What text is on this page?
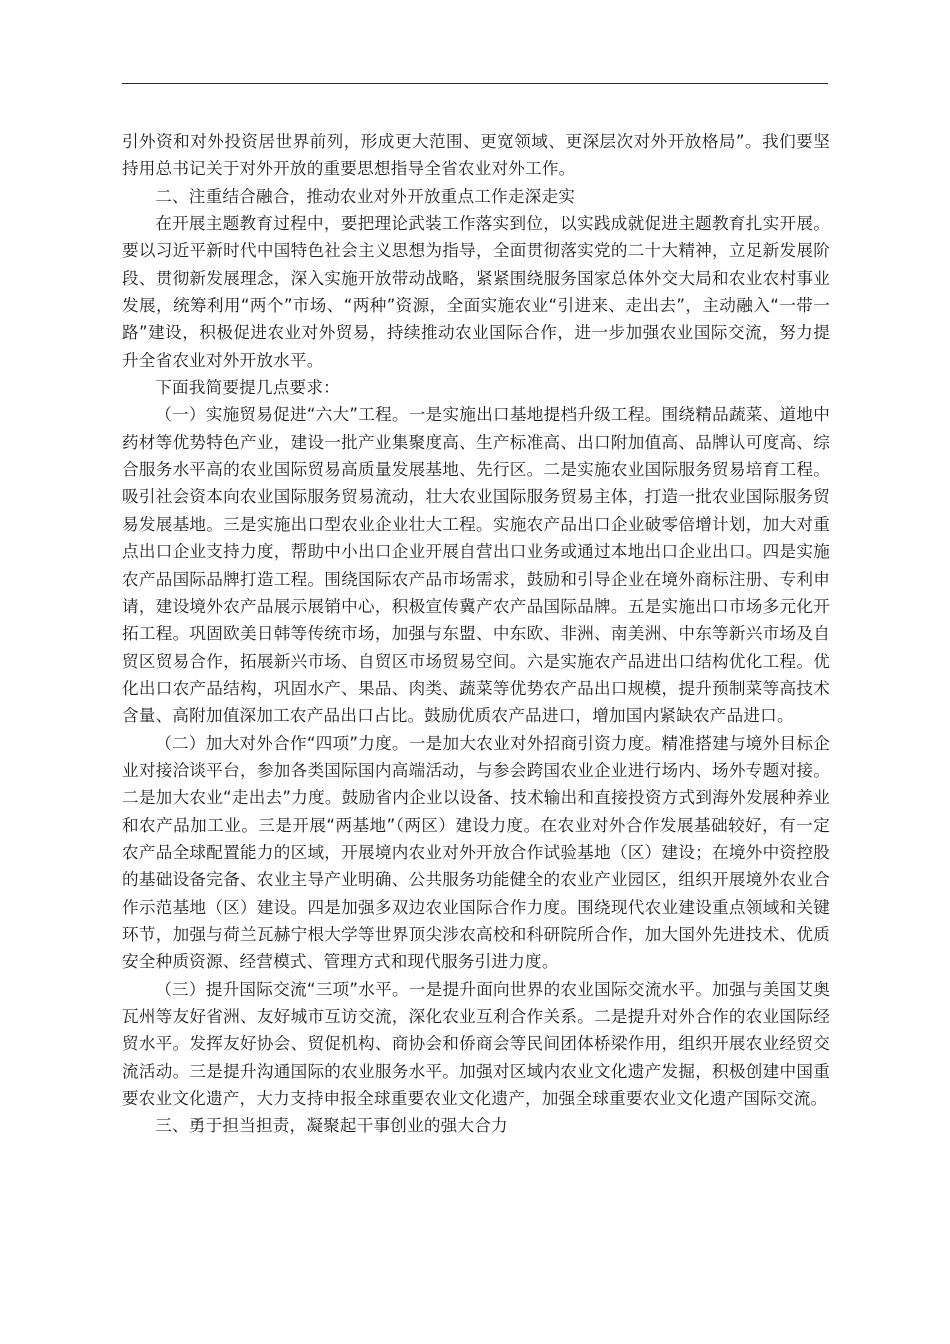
引外资和对外投资居世界前列，形成更大范围、更宽领域、更深层次对外开放格局”。我们要坚持用总书记关于对外开放的重要思想指导全省农业对外工作。

二、注重结合融合，推动农业对外开放重点工作走深走实

在开展主题教育过程中，要把理论武装工作落实到位，以实践成就促进主题教育扎实开展。要以习近平新时代中国特色社会主义思想为指导，全面贯彻落实党的二十大精神，立足新发展阶段、贯彻新发展理念，深入实施开放带动战略，紧紧围绕服务国家总体外交大局和农业农村事业发展，统筹利用“两个”市场、“两种”资源，全面实施农业“引进来、走出去”，主动融入“一带一路”建设，积极促进农业对外贸易，持续推动农业国际合作，进一步加强农业国际交流，努力提升全省农业对外开放水平。

下面我简要提几点要求：

（一）实施贸易促进“六大”工程。一是实施出口基地提档升级工程。围绕精品蔬菜、道地中药材等优势特色产业，建设一批产业集聚度高、生产标准高、出口附加值高、品牌认可度高、综合服务水平高的农业国际贸易高质量发展基地、先行区。二是实施农业国际服务贸易培育工程。吸引社会资本向农业国际服务贸易流动，壮大农业国际服务贸易主体，打造一批农业国际服务贸易发展基地。三是实施出口型农业企业壮大工程。实施农产品出口企业破零倍增计划，加大对重点出口企业支持力度，帮助中小出口企业开展自营出口业务或通过本地出口企业出口。四是实施农产品国际品牌打造工程。围绕国际农产品市场需求，鼓励和引导企业在境外商标注册、专利申请，建设境外农产品展示展销中心，积极宣传冀产农产品国际品牌。五是实施出口市场多元化开拓工程。巩固欧美日韩等传统市场，加强与东盟、中东欧、非洲、南美洲、中东等新兴市场及自贸区贸易合作，拓展新兴市场、自贸区市场贸易空间。六是实施农产品进出口结构优化工程。优化出口农产品结构，巩固水产、果品、肉类、蔬菜等优势农产品出口规模，提升预制菜等高技术含量、高附加值深加工农产品出口占比。鼓励优质农产品进口，增加国内紧缺农产品进口。

（二）加大对外合作“四项”力度。一是加大农业对外招商引资力度。精准搭建与境外目标企业对接洽谈平台，参加各类国际国内高端活动，与参会跨国农业企业进行场内、场外专题对接。二是加大农业“走出去”力度。鼓励省内企业以设备、技术输出和直接投资方式到海外发展种养业和农产品加工业。三是开展“两基地”（两区）建设力度。在农业对外合作发展基础较好，有一定农产品全球配置能力的区域，开展境内农业对外开放合作试验基地（区）建设；在境外中资控股的基础设备完备、农业主导产业明确、公共服务功能健全的农业产业园区，组织开展境外农业合作示范基地（区）建设。四是加强多双边农业国际合作力度。围绕现代农业建设重点领域和关键环节，加强与荷兰瓦赫宁根大学等世界顶尖涉农高校和科研院所合作，加大国外先进技术、优质安全种质资源、经营模式、管理方式和现代服务引进力度。

（三）提升国际交流“三项”水平。一是提升面向世界的农业国际交流水平。加强与美国艾奥瓦州等友好省洲、友好城市互访交流，深化农业互利合作关系。二是提升对外合作的农业国际经贸水平。发挥友好协会、贸促机构、商协会和侨商会等民间团体桥梁作用，组织开展农业经贸交流活动。三是提升沟通国际的农业服务水平。加强对区域内农业文化遗产发掘，积极创建中国重要农业文化遗产，大力支持申报全球重要农业文化遗产，加强全球重要农业文化遗产国际交流。

三、勇于担当担责，凝聚起干事创业的强大合力
